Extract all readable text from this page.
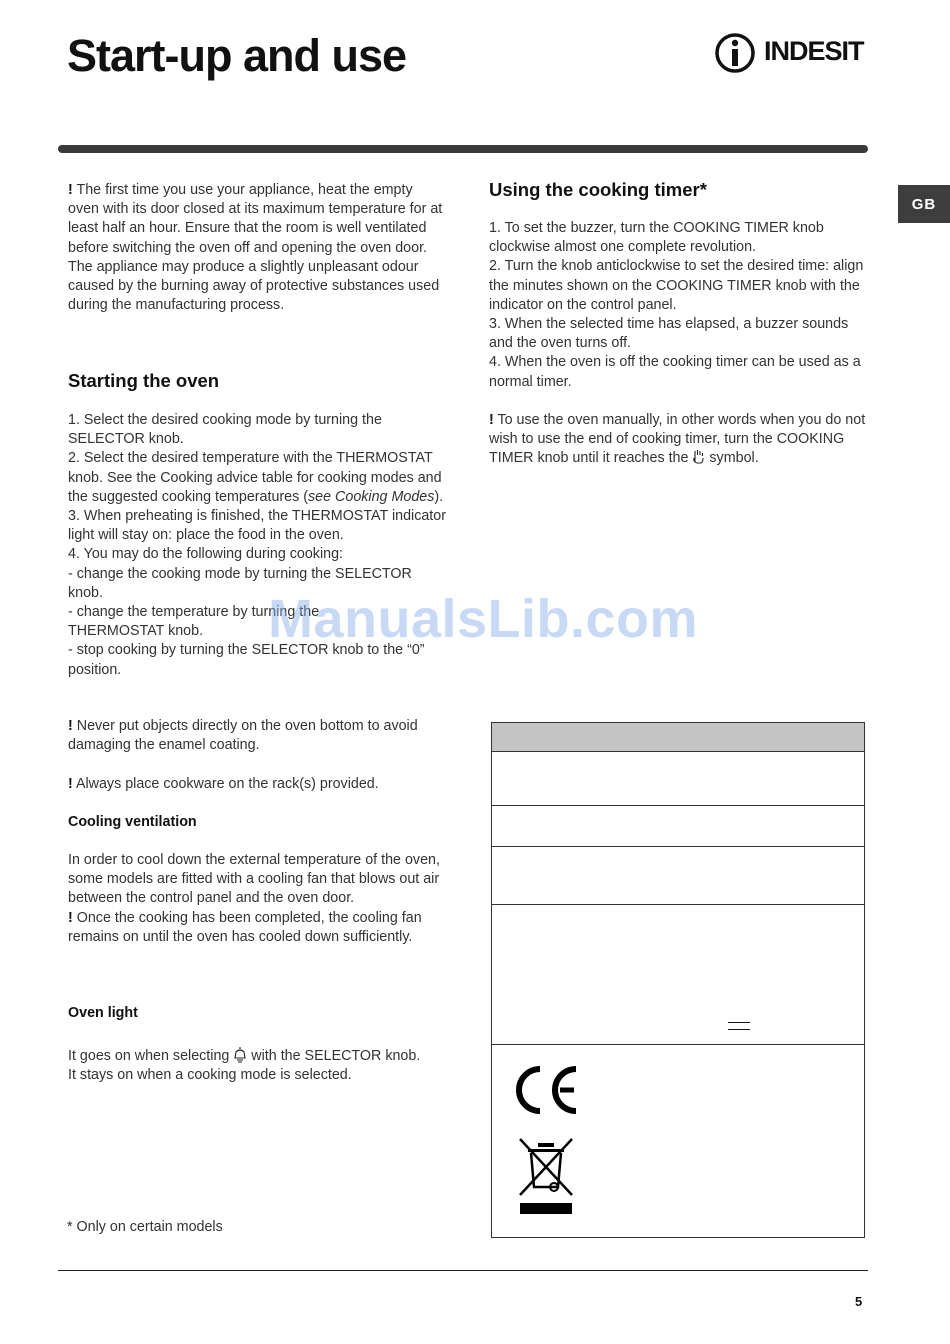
Start-up and use	INDESIT
GB

! The first time you use your appliance, heat the empty oven with its door closed at its maximum temperature for at least half an hour. Ensure that the room is well ventilated before switching the oven off and opening the oven door. The appliance may produce a slightly unpleasant odour caused by the burning away of protective substances used during the manufacturing process.

Starting the oven
1. Select the desired cooking mode by turning the SELECTOR knob.
2. Select the desired temperature with the THERMOSTAT knob. See the Cooking advice table for cooking modes and the suggested cooking temperatures (see Cooking Modes).
3. When preheating is finished, the THERMOSTAT indicator light will stay on: place the food in the oven.
4. You may do the following during cooking:
- change the cooking mode by turning the SELECTOR knob.
- change the temperature by turning the THERMOSTAT knob.
- stop cooking by turning the SELECTOR knob to the “0” position.

! Never put objects directly on the oven bottom to avoid damaging the enamel coating.

! Always place cookware on the rack(s) provided.

Cooling ventilation

In order to cool down the external temperature of the oven, some models are fitted with a cooling fan that blows out air between the control panel and the oven door.
! Once the cooking has been completed, the cooling fan remains on until the oven has cooled down sufficiently.

Oven light

It goes on when selecting  with the SELECTOR knob. It stays on when a cooking mode is selected.

* Only on certain models

Using the cooking timer*
1. To set the buzzer, turn the COOKING TIMER knob clockwise almost one complete revolution.
2. Turn the knob anticlockwise to set the desired time: align the minutes shown on the COOKING TIMER knob with the indicator on the control panel.
3. When the selected time has elapsed, a buzzer sounds and the oven turns off.
4. When the oven is off the cooking timer can be used as a normal timer.

! To use the oven manually, in other words when you do not wish to use the end of cooking timer, turn the COOKING TIMER knob until it reaches the  symbol.

ManualsLib.com
5
